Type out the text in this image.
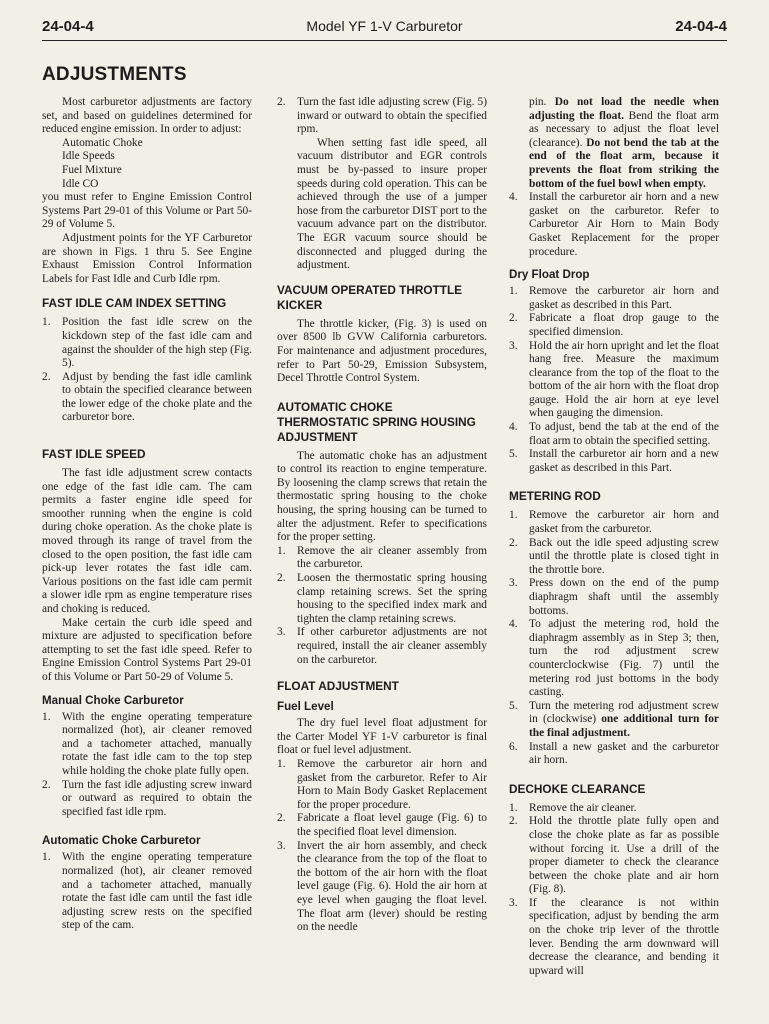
24-04-4	Model YF 1-V Carburetor	24-04-4
ADJUSTMENTS

Most carburetor adjustments are factory set, and based on guidelines determined for reduced engine emission. In order to adjust:

Automatic Choke

Idle Speeds

Fuel Mixture

Idle CO

you must refer to Engine Emission Control Systems Part 29-01 of this Volume or Part 50-29 of Volume 5.

Adjustment points for the YF Carburetor are shown in Figs. 1 thru 5. See Engine Exhaust Emission Control Information Labels for Fast Idle and Curb Idle rpm.

FAST IDLE CAM INDEX SETTING
1. Position the fast idle screw on the kickdown step of the fast idle cam and against the shoulder of the high step (Fig. 5).
2. Adjust by bending the fast idle camlink to obtain the specified clearance between the lower edge of the choke plate and the carburetor bore.
FAST IDLE SPEED

The fast idle adjustment screw contacts one edge of the fast idle cam. The cam permits a faster engine idle speed for smoother running when the engine is cold during choke operation. As the choke plate is moved through its range of travel from the closed to the open position, the fast idle cam pick-up lever rotates the fast idle cam. Various positions on the fast idle cam permit a slower idle rpm as engine temperature rises and choking is reduced.

Make certain the curb idle speed and mixture are adjusted to specification before attempting to set the fast idle speed. Refer to Engine Emission Control Systems Part 29-01 of this Volume or Part 50-29 of Volume 5.

Manual Choke Carburetor
1. With the engine operating temperature normalized (hot), air cleaner removed and a tachometer attached, manually rotate the fast idle cam to the top step while holding the choke plate fully open.
2. Turn the fast idle adjusting screw inward or outward as required to obtain the specified fast idle rpm.
Automatic Choke Carburetor
1. With the engine operating temperature normalized (hot), air cleaner removed and a tachometer attached, manually rotate the fast idle cam until the fast idle adjusting screw rests on the specified step of the cam.
2. Turn the fast idle adjusting screw (Fig. 5) inward or outward to obtain the specified rpm.

When setting fast idle speed, all vacuum distributor and EGR controls must be by-passed to insure proper speeds during cold operation. This can be achieved through the use of a jumper hose from the carburetor DIST port to the vacuum advance part on the distributor. The EGR vacuum source should be disconnected and plugged during the adjustment.

VACUUM OPERATED THROTTLE KICKER

The throttle kicker, (Fig. 3) is used on over 8500 lb GVW California carburetors. For maintenance and adjustment procedures, refer to Part 50-29, Emission Subsystem, Decel Throttle Control System.

AUTOMATIC CHOKE THERMOSTATIC SPRING HOUSING ADJUSTMENT

The automatic choke has an adjustment to control its reaction to engine temperature. By loosening the clamp screws that retain the thermostatic spring housing to the choke housing, the spring housing can be turned to alter the adjustment. Refer to specifications for the proper setting.

1. Remove the air cleaner assembly from the carburetor.
2. Loosen the thermostatic spring housing clamp retaining screws. Set the spring housing to the specified index mark and tighten the clamp retaining screws.
3. If other carburetor adjustments are not required, install the air cleaner assembly on the carburetor.
FLOAT ADJUSTMENT
Fuel Level

The dry fuel level float adjustment for the Carter Model YF 1-V carburetor is final float or fuel level adjustment.

1. Remove the carburetor air horn and gasket from the carburetor. Refer to Air Horn to Main Body Gasket Replacement for the proper procedure.
2. Fabricate a float level gauge (Fig. 6) to the specified float level dimension.
3. Invert the air horn assembly, and check the clearance from the top of the float to the bottom of the air horn with the float level gauge (Fig. 6). Hold the air horn at eye level when gauging the float level. The float arm (lever) should be resting on the needle

pin. Do not load the needle when adjusting the float. Bend the float arm as necessary to adjust the float level (clearance). Do not bend the tab at the end of the float arm, because it prevents the float from striking the bottom of the fuel bowl when empty.

4. Install the carburetor air horn and a new gasket on the carburetor. Refer to Carburetor Air Horn to Main Body Gasket Replacement for the proper procedure.
Dry Float Drop
1. Remove the carburetor air horn and gasket as described in this Part.
2. Fabricate a float drop gauge to the specified dimension.
3. Hold the air horn upright and let the float hang free. Measure the maximum clearance from the top of the float to the bottom of the air horn with the float drop gauge. Hold the air horn at eye level when gauging the dimension.
4. To adjust, bend the tab at the end of the float arm to obtain the specified setting.
5. Install the carburetor air horn and a new gasket as described in this Part.
METERING ROD
1. Remove the carburetor air horn and gasket from the carburetor.
2. Back out the idle speed adjusting screw until the throttle plate is closed tight in the throttle bore.
3. Press down on the end of the pump diaphragm shaft until the assembly bottoms.
4. To adjust the metering rod, hold the diaphragm assembly as in Step 3; then, turn the rod adjustment screw counterclockwise (Fig. 7) until the metering rod just bottoms in the body casting.
5. Turn the metering rod adjustment screw in (clockwise) one additional turn for the final adjustment.
6. Install a new gasket and the carburetor air horn.
DECHOKE CLEARANCE
1. Remove the air cleaner.
2. Hold the throttle plate fully open and close the choke plate as far as possible without forcing it. Use a drill of the proper diameter to check the clearance between the choke plate and air horn (Fig. 8).
3. If the clearance is not within specification, adjust by bending the arm on the choke trip lever of the throttle lever. Bending the arm downward will decrease the clearance, and bending it upward will
